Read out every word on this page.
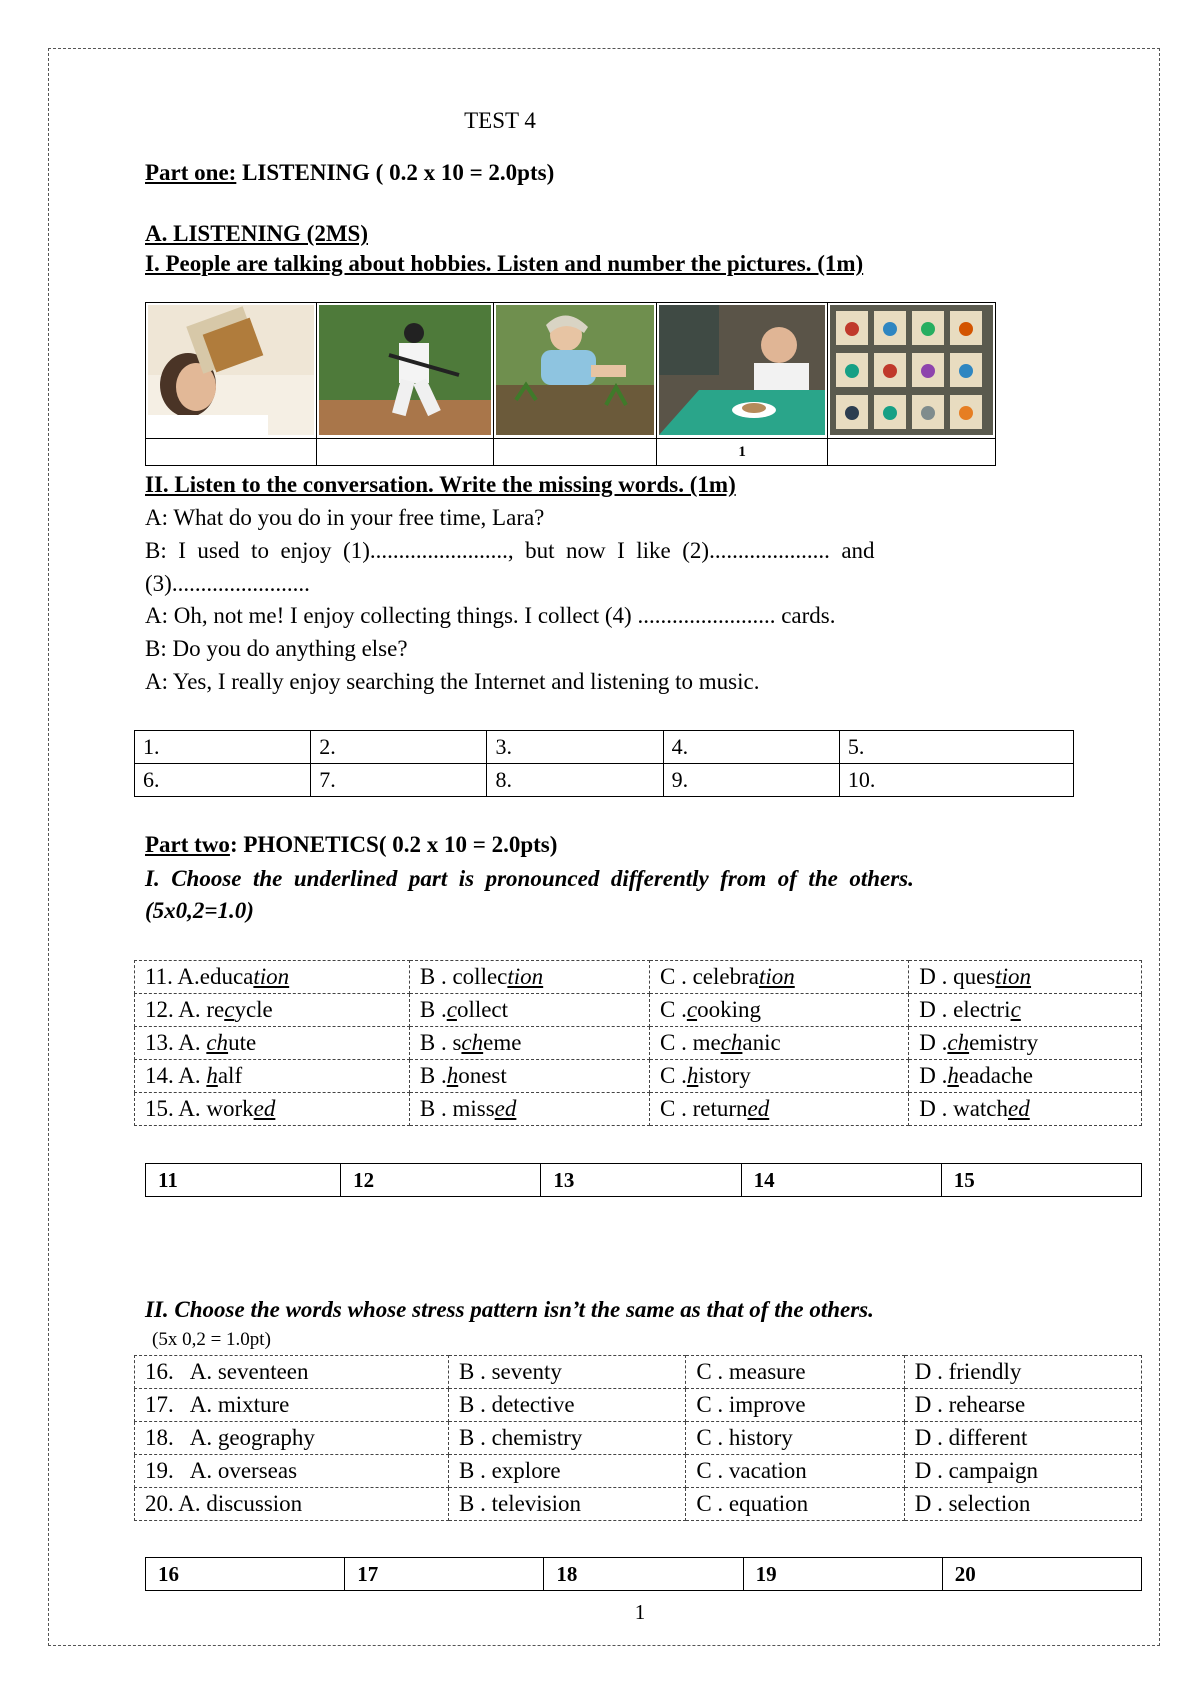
TEST 4
Part one: LISTENING ( 0.2 x 10 = 2.0pts)
A. LISTENING (2MS)
I. People are talking about hobbies. Listen and number the pictures. (1m)
1
II. Listen to the conversation. Write the missing words. (1m)
A: What do you do in your free time, Lara?
B:  I  used  to  enjoy  (1)........................,  but  now  I  like  (2).....................  and
(3)........................
A: Oh, not me! I enjoy collecting things. I collect (4) ........................ cards.
B: Do you do anything else?
A: Yes, I really enjoy searching the Internet and listening to music.
1.	2.	3.	4.	5.
6.	7.	8.	9.	10.
Part two: PHONETICS( 0.2 x 10 = 2.0pts)
I.  Choose  the  underlined  part  is  pronounced  differently  from  of  the  others.
(5x0,2=1.0)
11. A.education	B . collection	C . celebration	D . question
12. A. recycle	B .collect	C .cooking	D . electric
13. A. chute	B . scheme	C . mechanic	D .chemistry
14. A. half	B .honest	C .history	D .headache
15. A. worked	B . missed	C . returned	D . watched
11	12	13	14	15
II. Choose the words whose stress pattern isn’t the same as that of the others.
(5x 0,2 = 1.0pt)
16.   A. seventeen	B . seventy	C . measure	D . friendly
17.   A. mixture	B . detective	C . improve	D . rehearse
18.   A. geography	B . chemistry	C . history	D . different
19.   A. overseas	B . explore	C . vacation	D . campaign
20. A. discussion	B . television	C . equation	D . selection
16	17	18	19	20
1
